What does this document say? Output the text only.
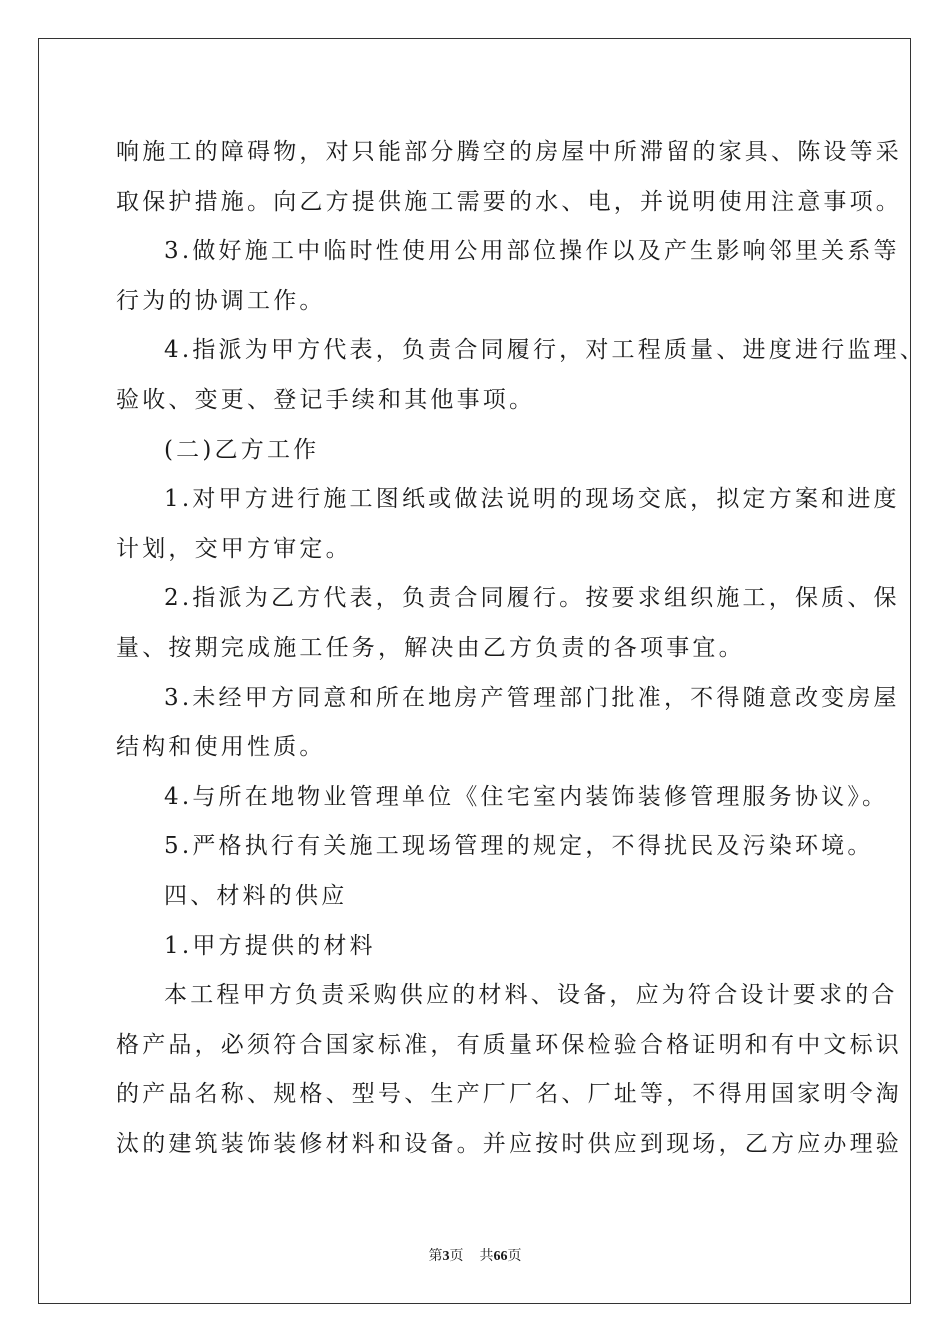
响施工的障碍物，对只能部分腾空的房屋中所滞留的家具、陈设等采
取保护措施。向乙方提供施工需要的水、电，并说明使用注意事项。
3.做好施工中临时性使用公用部位操作以及产生影响邻里关系等
行为的协调工作。
4.指派为甲方代表，负责合同履行，对工程质量、进度进行监理、
验收、变更、登记手续和其他事项。
(二)乙方工作
1.对甲方进行施工图纸或做法说明的现场交底，拟定方案和进度
计划，交甲方审定。
2.指派为乙方代表，负责合同履行。按要求组织施工，保质、保
量、按期完成施工任务，解决由乙方负责的各项事宜。
3.未经甲方同意和所在地房产管理部门批准，不得随意改变房屋
结构和使用性质。
4.与所在地物业管理单位《住宅室内装饰装修管理服务协议》。
5.严格执行有关施工现场管理的规定，不得扰民及污染环境。
四、材料的供应
1.甲方提供的材料
本工程甲方负责采购供应的材料、设备，应为符合设计要求的合
格产品，必须符合国家标准，有质量环保检验合格证明和有中文标识
的产品名称、规格、型号、生产厂厂名、厂址等，不得用国家明令淘
汰的建筑装饰装修材料和设备。并应按时供应到现场，乙方应办理验
第3页 共66页
